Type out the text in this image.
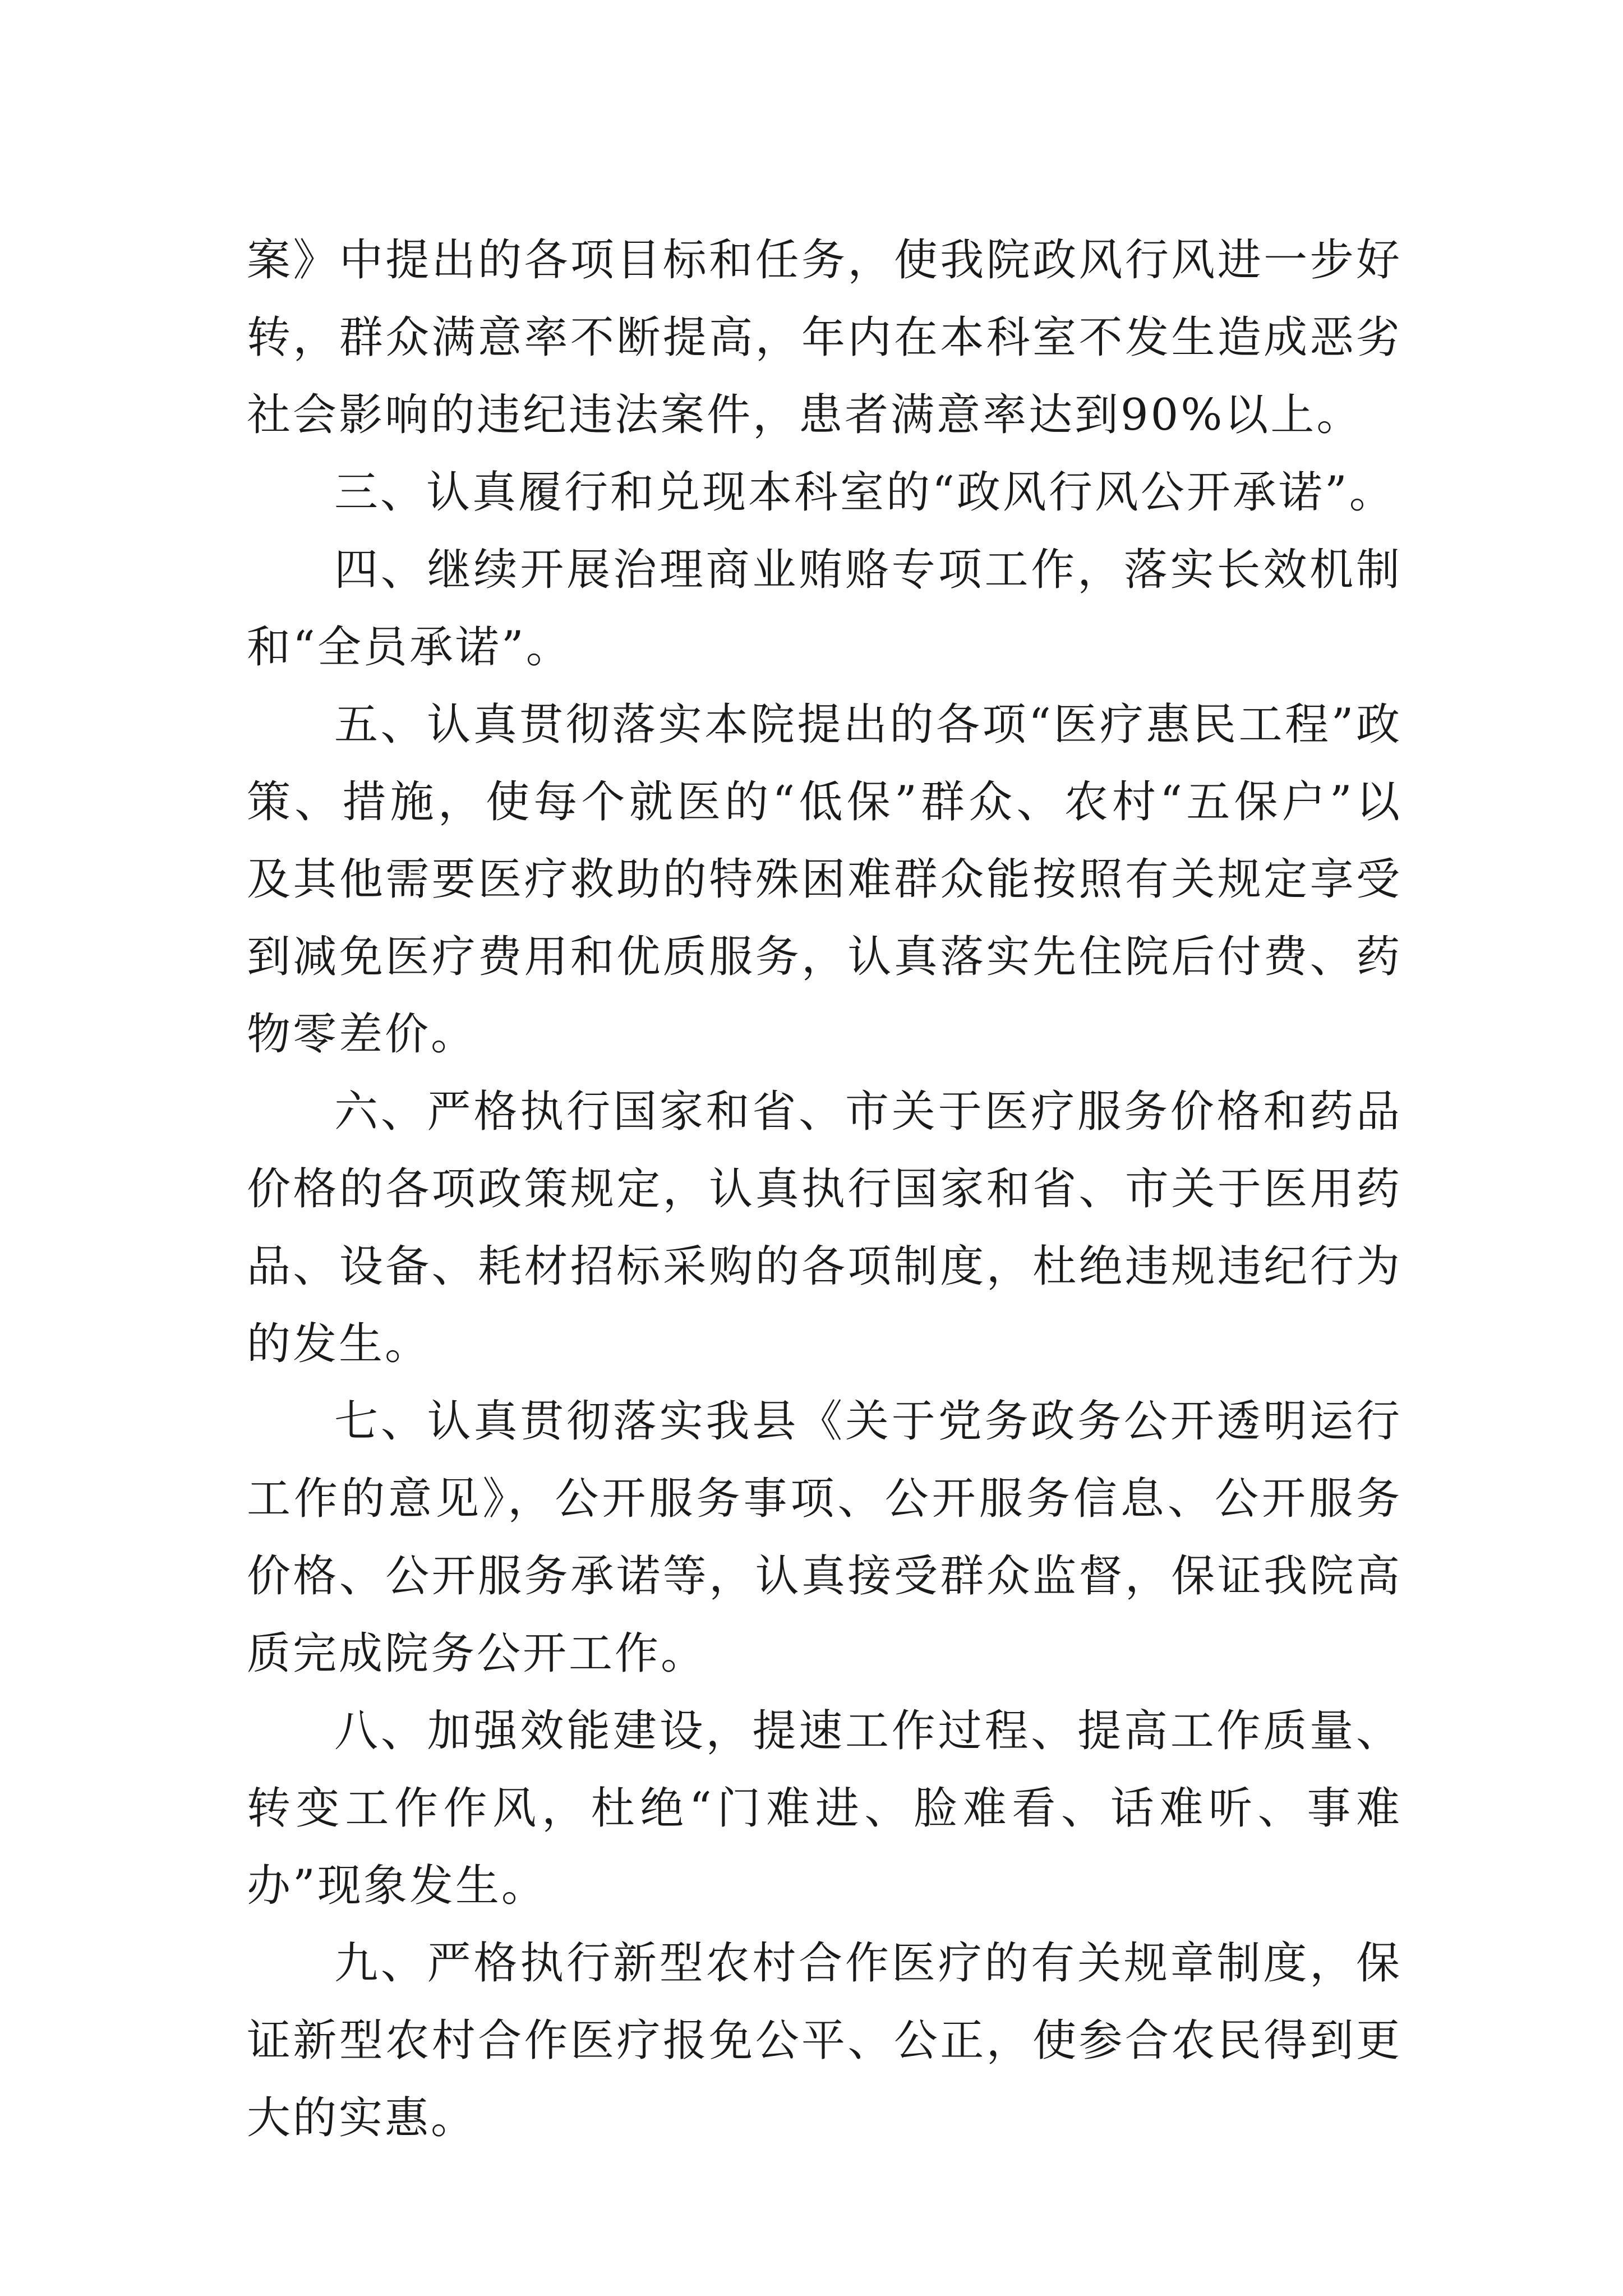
案》中提出的各项目标和任务，使我院政风行风进一步好转，群众满意率不断提高，年内在本科室不发生造成恶劣社会影响的违纪违法案件，患者满意率达到90%以上。

三、认真履行和兑现本科室的“政风行风公开承诺”。

四、继续开展治理商业贿赂专项工作，落实长效机制和“全员承诺”。

五、认真贯彻落实本院提出的各项“医疗惠民工程”政策、措施，使每个就医的“低保”群众、农村“五保户”以及其他需要医疗救助的特殊困难群众能按照有关规定享受到减免医疗费用和优质服务，认真落实先住院后付费、药物零差价。

六、严格执行国家和省、市关于医疗服务价格和药品价格的各项政策规定，认真执行国家和省、市关于医用药品、设备、耗材招标采购的各项制度，杜绝违规违纪行为的发生。

七、认真贯彻落实我县《关于党务政务公开透明运行工作的意见》，公开服务事项、公开服务信息、公开服务价格、公开服务承诺等，认真接受群众监督，保证我院高质完成院务公开工作。

八、加强效能建设，提速工作过程、提高工作质量、转变工作作风，杜绝“门难进、脸难看、话难听、事难办”现象发生。

九、严格执行新型农村合作医疗的有关规章制度，保证新型农村合作医疗报免公平、公正，使参合农民得到更大的实惠。
